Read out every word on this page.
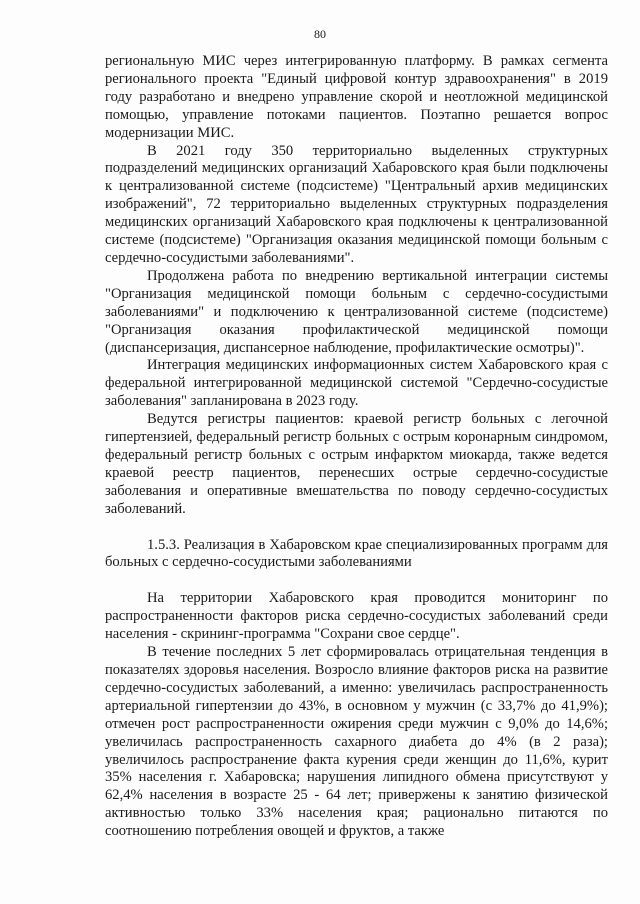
80

региональную МИС через интегрированную платформу. В рамках сегмента регионального проекта "Единый цифровой контур здравоохранения" в 2019 году разработано и внедрено управление скорой и неотложной медицинской помощью, управление потоками пациентов. Поэтапно решается вопрос модернизации МИС.

В 2021 году 350 территориально выделенных структурных подразделений медицинских организаций Хабаровского края были подключены к централизованной системе (подсистеме) "Центральный архив медицинских изображений", 72 территориально выделенных структурных подразделения медицинских организаций Хабаровского края подключены к централизованной системе (подсистеме) "Организация оказания медицинской помощи больным с сердечно-сосудистыми заболеваниями".

Продолжена работа по внедрению вертикальной интеграции системы "Организация медицинской помощи больным с сердечно-сосудистыми заболеваниями" и подключению к централизованной системе (подсистеме) "Организация оказания профилактической медицинской помощи (диспансеризация, диспансерное наблюдение, профилактические осмотры)".

Интеграция медицинских информационных систем Хабаровского края с федеральной интегрированной медицинской системой "Сердечно-сосудистые заболевания" запланирована в 2023 году.

Ведутся регистры пациентов: краевой регистр больных с легочной гипертензией, федеральный регистр больных с острым коронарным синдромом, федеральный регистр больных с острым инфарктом миокарда, также ведется краевой реестр пациентов, перенесших острые сердечно-сосудистые заболевания и оперативные вмешательства по поводу сердечно-сосудистых заболеваний.

1.5.3. Реализация в Хабаровском крае специализированных программ для больных с сердечно-сосудистыми заболеваниями

На территории Хабаровского края проводится мониторинг по распространенности факторов риска сердечно-сосудистых заболеваний среди населения - скрининг-программа "Сохрани свое сердце".

В течение последних 5 лет сформировалась отрицательная тенденция в показателях здоровья населения. Возросло влияние факторов риска на развитие сердечно-сосудистых заболеваний, а именно: увеличилась распространенность артериальной гипертензии до 43%, в основном у мужчин (с 33,7% до 41,9%); отмечен рост распространенности ожирения среди мужчин с 9,0% до 14,6%; увеличилась распространенность сахарного диабета до 4% (в 2 раза); увеличилось распространение факта курения среди женщин до 11,6%, курит 35% населения г. Хабаровска; нарушения липидного обмена присутствуют у 62,4% населения в возрасте 25 - 64 лет; привержены к занятию физической активностью только 33% населения края; рационально питаются по соотношению потребления овощей и фруктов, а также
